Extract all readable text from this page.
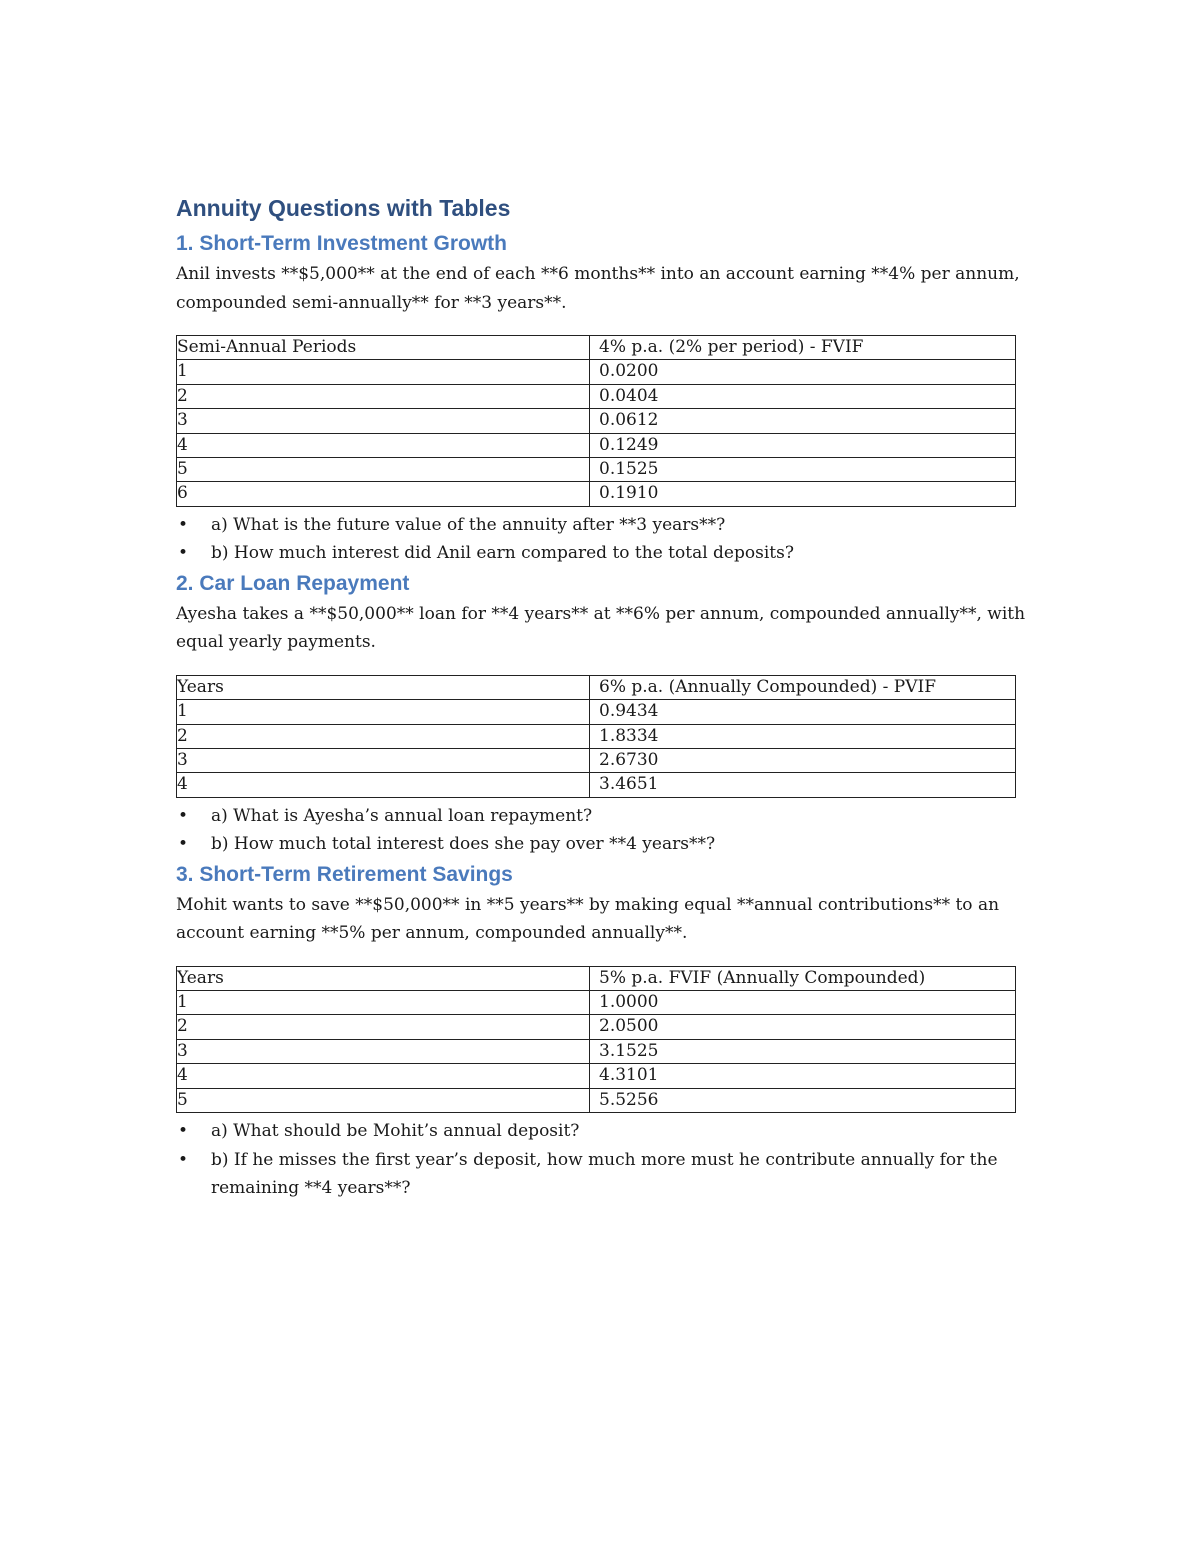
Annuity Questions with Tables
1. Short-Term Investment Growth

Anil invests **$5,000** at the end of each **6 months** into an account earning **4% per annum, compounded semi-annually** for **3 years**.

Semi-Annual Periods	4% p.a. (2% per period) - FVIF
1	0.0200
2	0.0404
3	0.0612
4	0.1249
5	0.1525
6	0.1910
• a) What is the future value of the annuity after **3 years**?
• b) How much interest did Anil earn compared to the total deposits?
2. Car Loan Repayment

Ayesha takes a **$50,000** loan for **4 years** at **6% per annum, compounded annually**, with equal yearly payments.

Years	6% p.a. (Annually Compounded) - PVIF
1	0.9434
2	1.8334
3	2.6730
4	3.4651
• a) What is Ayesha’s annual loan repayment?
• b) How much total interest does she pay over **4 years**?
3. Short-Term Retirement Savings

Mohit wants to save **$50,000** in **5 years** by making equal **annual contributions** to an account earning **5% per annum, compounded annually**.

Years	5% p.a. FVIF (Annually Compounded)
1	1.0000
2	2.0500
3	3.1525
4	4.3101
5	5.5256
• a) What should be Mohit’s annual deposit?
• b) If he misses the first year’s deposit, how much more must he contribute annually for the remaining **4 years**?
